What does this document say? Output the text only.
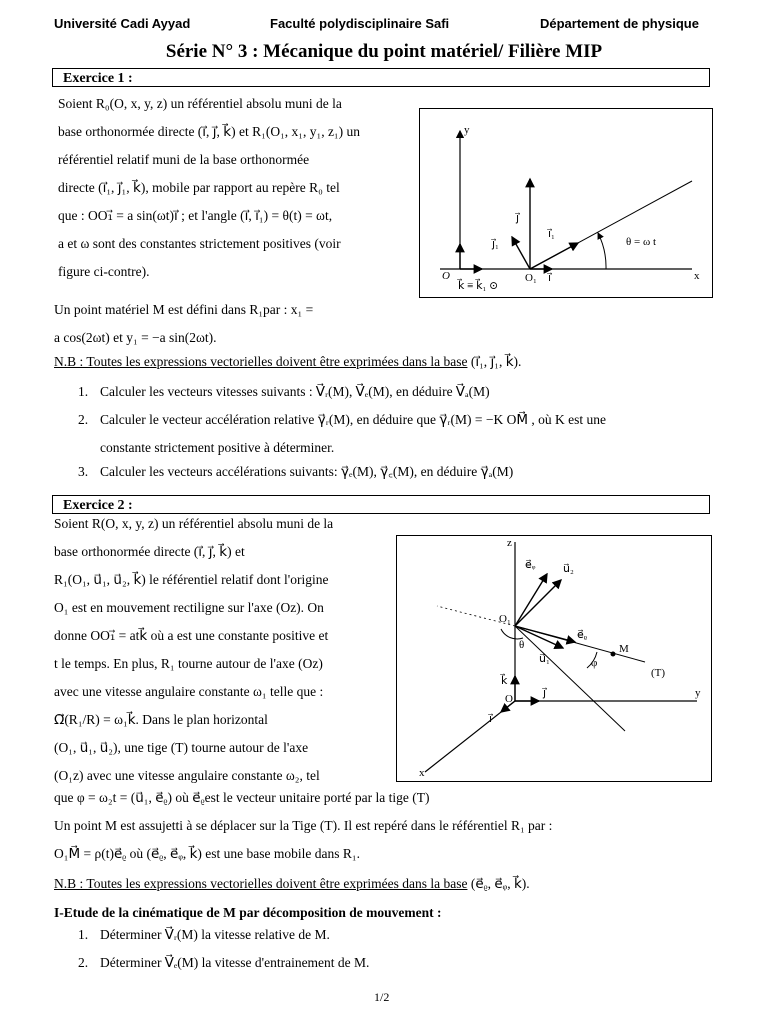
Université Cadi Ayyad	Faculté polydisciplinaire Safi	Département de physique
Série N° 3 : Mécanique du point matériel/ Filière MIP
Exercice 1 :
Soient R₀(O, x, y, z) un référentiel absolu muni de la
base orthonormée directe (i⃗, j⃗, k⃗) et R₁(O₁, x₁, y₁, z₁) un
référentiel relatif muni de la base orthonormée
directe (i⃗₁, j⃗₁, k⃗), mobile par rapport au repère R₀ tel
que : OO₁⃗ = a sin(ωt)i⃗ ; et l'angle (i⃗, i⃗₁) = θ(t) = ωt,
a et ω sont des constantes strictement positives (voir
figure ci-contre).
y
x
O	O₁ i⃗
j⃗
i⃗₁
j⃗₁	θ = ω t
k⃗ ≡ k⃗₁ ⊙
Un point matériel M est défini dans R₁par : x₁ =
a cos(2ωt) et y₁ = −a sin(2ωt).
N.B : Toutes les expressions vectorielles doivent être exprimées dans la base (i⃗₁, j⃗₁, k⃗).
1. Calculer les vecteurs vitesses suivants : V⃗ᵣ(M), V⃗ₑ(M), en déduire V⃗ₐ(M)
2. Calculer le vecteur accélération relative γ⃗ᵣ(M), en déduire que γ⃗ᵣ(M) = −K OM⃗ , où K est une
constante strictement positive à déterminer.
3. Calculer les vecteurs accélérations suivants: γ⃗ₑ(M), γ⃗꜀(M), en déduire γ⃗ₐ(M)
Exercice 2 :
Soient R(O, x, y, z) un référentiel absolu muni de la
base orthonormée directe (i⃗, j⃗, k⃗) et
R₁(O₁, u⃗₁, u⃗₂, k⃗) le référentiel relatif dont l'origine
O₁ est en mouvement rectiligne sur l'axe (Oz). On
donne OO₁⃗ = atk⃗ où a est une constante positive et
t le temps. En plus, R₁ tourne autour de l'axe (Oz)
avec une vitesse angulaire constante ω₁ telle que :
Ω⃗(R₁/R) = ω₁k⃗. Dans le plan horizontal
(O₁, u⃗₁, u⃗₂), une tige (T) tourne autour de l'axe
(O₁z) avec une vitesse angulaire constante ω₂, tel
z
y
x
O
O₁
e⃗ᵩ	u⃗₂
e⃗ᵨ
M
(T)
θ
u⃗₁	φ
k⃗
j⃗
i⃗
que φ = ω₂t = (u⃗₁, e⃗ᵨ) où e⃗ᵨest le vecteur unitaire porté par la tige (T)
Un point M est assujetti à se déplacer sur la Tige (T). Il est repéré dans le référentiel R₁ par :
O₁M⃗ = ρ(t)e⃗ᵨ où (e⃗ᵨ, e⃗ᵩ, k⃗) est une base mobile dans R₁.
N.B : Toutes les expressions vectorielles doivent être exprimées dans la base (e⃗ᵨ, e⃗ᵩ, k⃗).
I-Etude de la cinématique de M par décomposition de mouvement :
1. Déterminer V⃗ᵣ(M) la vitesse relative de M.
2. Déterminer V⃗ₑ(M) la vitesse d'entrainement de M.
1/2
